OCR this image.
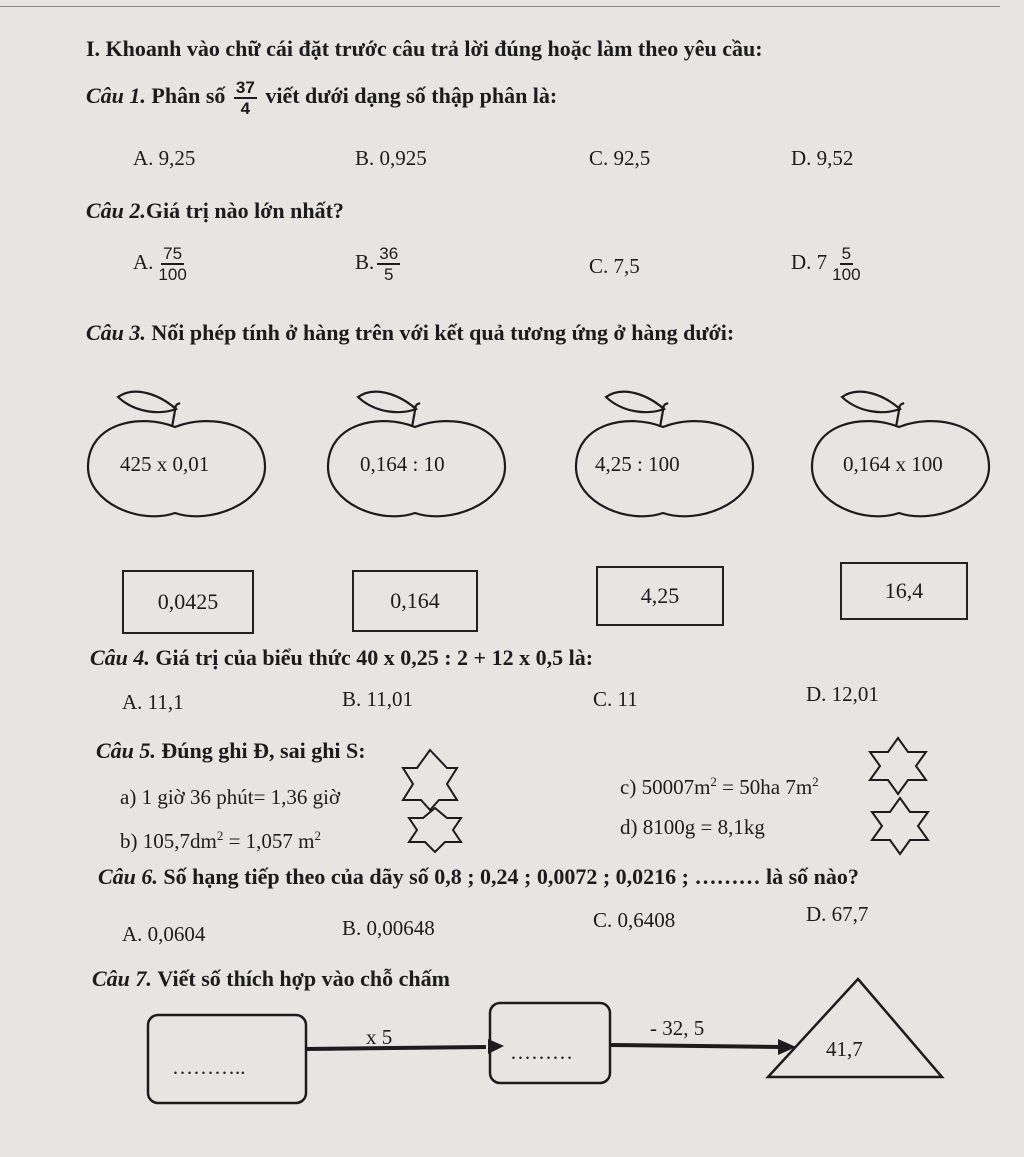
I. Khoanh vào chữ cái đặt trước câu trả lời đúng hoặc làm theo yêu cầu:
Câu 1. Phân số $\frac{37}{4}$ viết dưới dạng số thập phân là:
A. 9,25	B. 0,925	C. 92,5	D. 9,52
Câu 2.Giá trị nào lớn nhất?
A. $\frac{75}{100}$	B. $\frac{36}{5}$	C. 7,5	D. $7 \frac{5}{100}$
Câu 3. Nối phép tính ở hàng trên với kết quả tương ứng ở hàng dưới:
425 x 0,01	0,164 : 10	4,25 : 100	0,164 x 100
0,0425	0,164	4,25	16,4
Câu 4. Giá trị của biểu thức 40 x 0,25 : 2 + 12 x 0,5 là:
A. 11,1	B. 11,01	C. 11	D. 12,01
Câu 5. Đúng ghi Đ, sai ghi S:
a) 1 giờ 36 phút= 1,36 giờ
b) $105,7dm^2 = 1,057$ $m^2$
c) $50007m^2 = 50ha$ $7m^2$
d) 8100g = 8,1kg
Câu 6. Số hạng tiếp theo của dãy số 0,8 ; 0,24 ; 0,0072 ; 0,0216 ; ……… là số nào?
A. 0,0604	B. 0,00648	C. 0,6408	D. 67,7
Câu 7. Viết số thích hợp vào chỗ chấm
………..
x 5
………
- 32, 5
41,7
